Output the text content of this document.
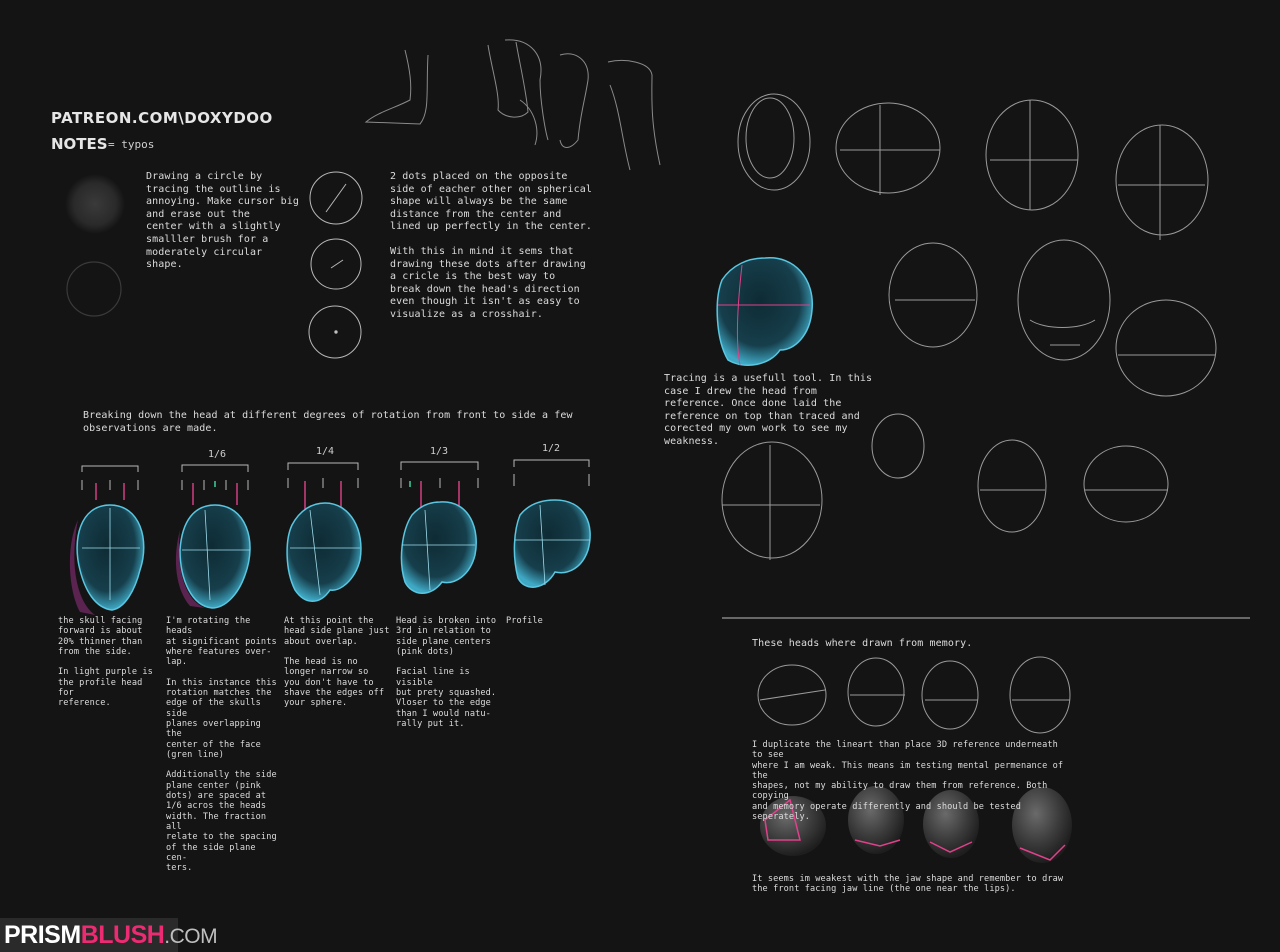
PATREON.COM\DOXYDOO
NOTES = typos
1/6	1/4	1/3	1/2
Drawing a circle by
tracing the outline is
annoying. Make cursor big
and erase out the
center with a slightly
smalller brush for a
moderately circular
shape.
2 dots placed on the opposite
side of eacher other on spherical
shape will always be the same
distance from the center and
lined up perfectly in the center.
With this in mind it sems that
drawing these dots after drawing
a cricle is the best way to
break down the head's direction
even though it isn't as easy to
visualize as a crosshair.
Breaking down the head at different degrees of rotation from front to side a few
observations are made.
the skull facing
forward is about
20% thinner than
from the side.

In light purple is
the profile head for
reference.
I'm rotating the heads
at significant points
where features over-
lap.

In this instance this
rotation matches the
edge of the skulls side
planes overlapping the
center of the face
(gren line)

Additionally the side
plane center (pink
dots) are spaced at
1/6 acros the heads
width. The fraction all
relate to the spacing
of the side plane cen-
ters.
At this point the
head side plane just
about overlap.

The head is no
longer narrow so
you don't have to
shave the edges off
your sphere.
Head is broken into
3rd in relation to
side plane centers
(pink dots)

Facial line is visible
but prety squashed.
Vloser to the edge
than I would natu-
rally put it.
Profile
Tracing is a usefull tool. In this
case I drew the head from
reference. Once done laid the
reference on top than traced and
corected my own work to see my
weakness.
These heads where drawn from memory.
I duplicate the lineart than place 3D reference underneath to see
where I am weak. This means im testing mental permenance of the
shapes, not my ability to draw them from reference. Both copying
and memory operate differently and should be tested seperately.
It seems im weakest with the jaw shape and remember to draw
the front facing jaw line (the one near the lips).
PRISMBLUSH.COM
